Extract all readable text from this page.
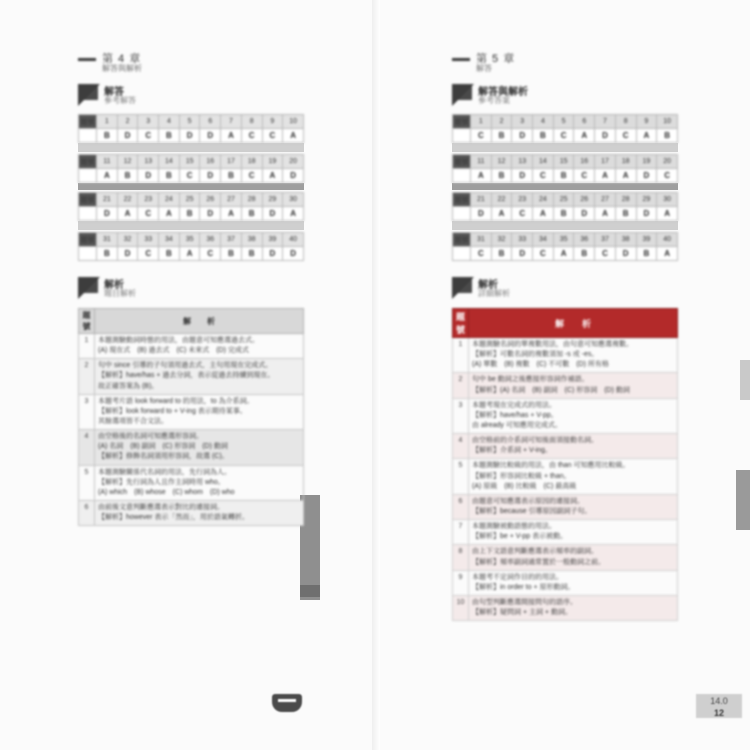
第 4 章
解答與解析
解答
參考解答
題號	1	2	3	4	5	6	7	8	9	10
答	B	D	C	B	D	D	A	C	C	A
題號	11	12	13	14	15	16	17	18	19	20
答	A	B	D	B	C	D	B	C	A	D
題號	21	22	23	24	25	26	27	28	29	30
答	D	A	C	A	B	D	A	B	D	A
題號	31	32	33	34	35	36	37	38	39	40
答	B	D	C	B	A	C	B	B	D	D
解析
題目解析
題號	解　　析
1	本題測驗動詞時態的用法，由題意可知應選過去式。
(A) 現在式　(B) 過去式　(C) 未來式　(D) 完成式

2	句中 since 引導的子句須用過去式，主句用現在完成式。
【解析】have/has + 過去分詞，表示從過去持續到現在。
故正確答案為 (B)。

3	本題考片語 look forward to 的用法，to 為介系詞。
【解析】look forward to + V-ing 表示期待某事。
其餘選項皆不合文法。

4	由空格後的名詞可知應選形容詞。
(A) 名詞　(B) 副詞　(C) 形容詞　(D) 動詞
【解析】修飾名詞須用形容詞，故選 (C)。

5	本題測驗關係代名詞的用法，先行詞為人。
【解析】先行詞為人且作主詞時用 who。
(A) which　(B) whose　(C) whom　(D) who

6	由前後文意判斷應選表示對比的連接詞。
【解析】however 表示「然而」，用於語氣轉折。
第 5 章
解答
解答與解析
參考答案
題號	1	2	3	4	5	6	7	8	9	10
答	C	B	D	B	C	A	D	C	A	B
題號	11	12	13	14	15	16	17	18	19	20
答	A	B	D	C	B	C	A	A	D	C
題號	21	22	23	24	25	26	27	28	29	30
答	D	A	C	A	B	D	A	B	D	A
題號	31	32	33	34	35	36	37	38	39	40
答	C	B	D	C	A	B	C	D	B	A
解析
詳細解析
題號	解　　析
1	本題測驗名詞的單複數用法，由句意可知應選複數。
【解析】可數名詞的複數須加 -s 或 -es。
(A) 單數　(B) 複數　(C) 不可數　(D) 所有格

2	句中 be 動詞之後應接形容詞作補語。
【解析】(A) 名詞　(B) 副詞　(C) 形容詞　(D) 動詞

3	本題考現在完成式的用法。
【解析】have/has + V-pp。
由 already 可知應用完成式。

4	由空格前的介系詞可知後面須接動名詞。
【解析】介系詞 + V-ing。

5	本題測驗比較級的用法，由 than 可知應用比較級。
【解析】形容詞比較級 + than。
(A) 原級　(B) 比較級　(C) 最高級

6	由題意可知應選表示原因的連接詞。
【解析】because 引導原因副詞子句。

7	本題測驗被動語態的用法。
【解析】be + V-pp 表示被動。

8	由上下文語意判斷應選表示頻率的副詞。
【解析】頻率副詞通常置於一般動詞之前。

9	本題考不定詞作目的的用法。
【解析】in order to + 原形動詞。

10	由句型判斷應選間接問句的語序。
【解析】疑問詞 + 主詞 + 動詞。
14.0
12
